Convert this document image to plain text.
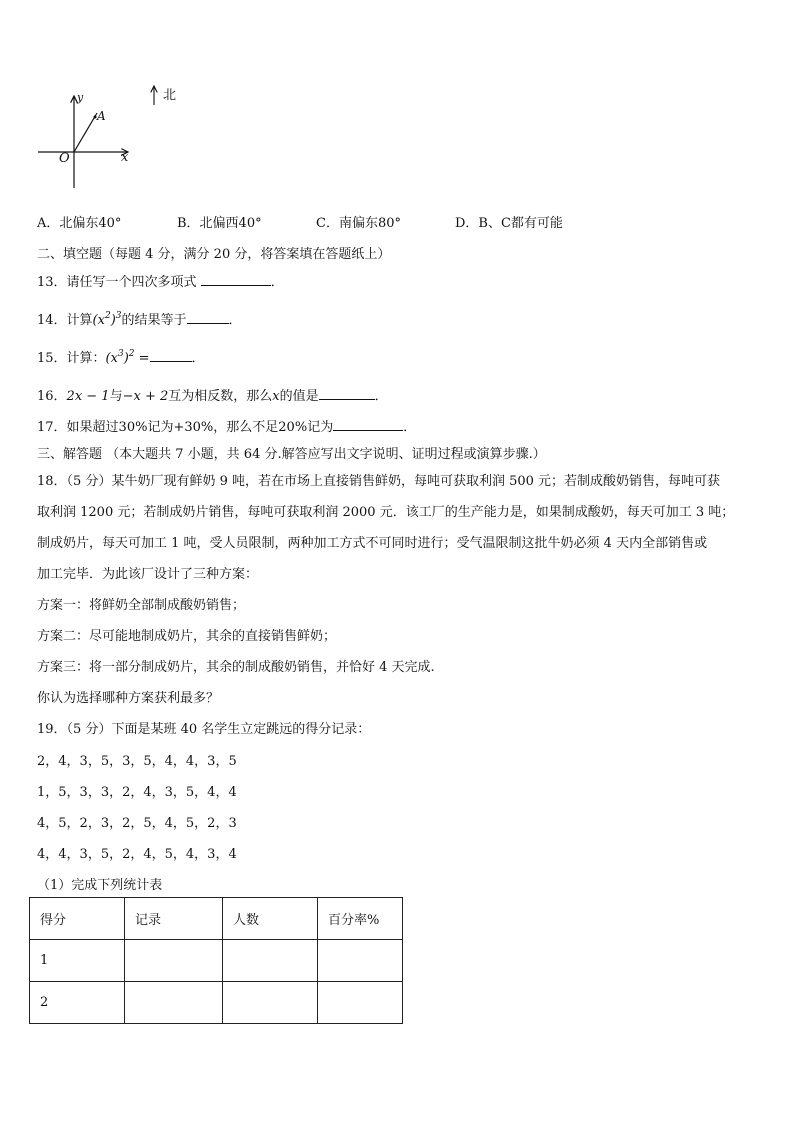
y
A
O	x
北
A．北偏东40°	B．北偏西40°	C．南偏东80°	D．B、C都有可能
二、填空题（每题 4 分，满分 20 分，将答案填在答题纸上）
13．请任写一个四次多项式	．
14．计算$(x^2)^3$的结果等于	．
15．计算：$(x^3)^2$ =	．
16．2x − 1与−x + 2互为相反数，那么x的值是	．
17．如果超过30%记为+30%，那么不足20%记为	．
三、解答题 （本大题共 7 小题，共 64 分.解答应写出文字说明、证明过程或演算步骤.）
18．（5 分）某牛奶厂现有鲜奶 9 吨，若在市场上直接销售鲜奶，每吨可获取利润 500 元；若制成酸奶销售，每吨可获
取利润 1200 元；若制成奶片销售，每吨可获取利润 2000 元．该工厂的生产能力是，如果制成酸奶，每天可加工 3 吨；
制成奶片，每天可加工 1 吨，受人员限制，两种加工方式不可同时进行；受气温限制这批牛奶必须 4 天内全部销售或
加工完毕．为此该厂设计了三种方案：
方案一：将鲜奶全部制成酸奶销售；
方案二：尽可能地制成奶片，其余的直接销售鲜奶；
方案三：将一部分制成奶片，其余的制成酸奶销售，并恰好 4 天完成.
你认为选择哪种方案获利最多？
19．（5 分）下面是某班 40 名学生立定跳远的得分记录：
2，4，3，5，3，5，4，4，3，5
1，5，3，3，2，4，3，5，4，4
4，5，2，3，2，5，4，5，2，3
4，4，3，5，2，4，5，4，3，4
（1）完成下列统计表
得分	记录	人数	百分率%
1			
2			
